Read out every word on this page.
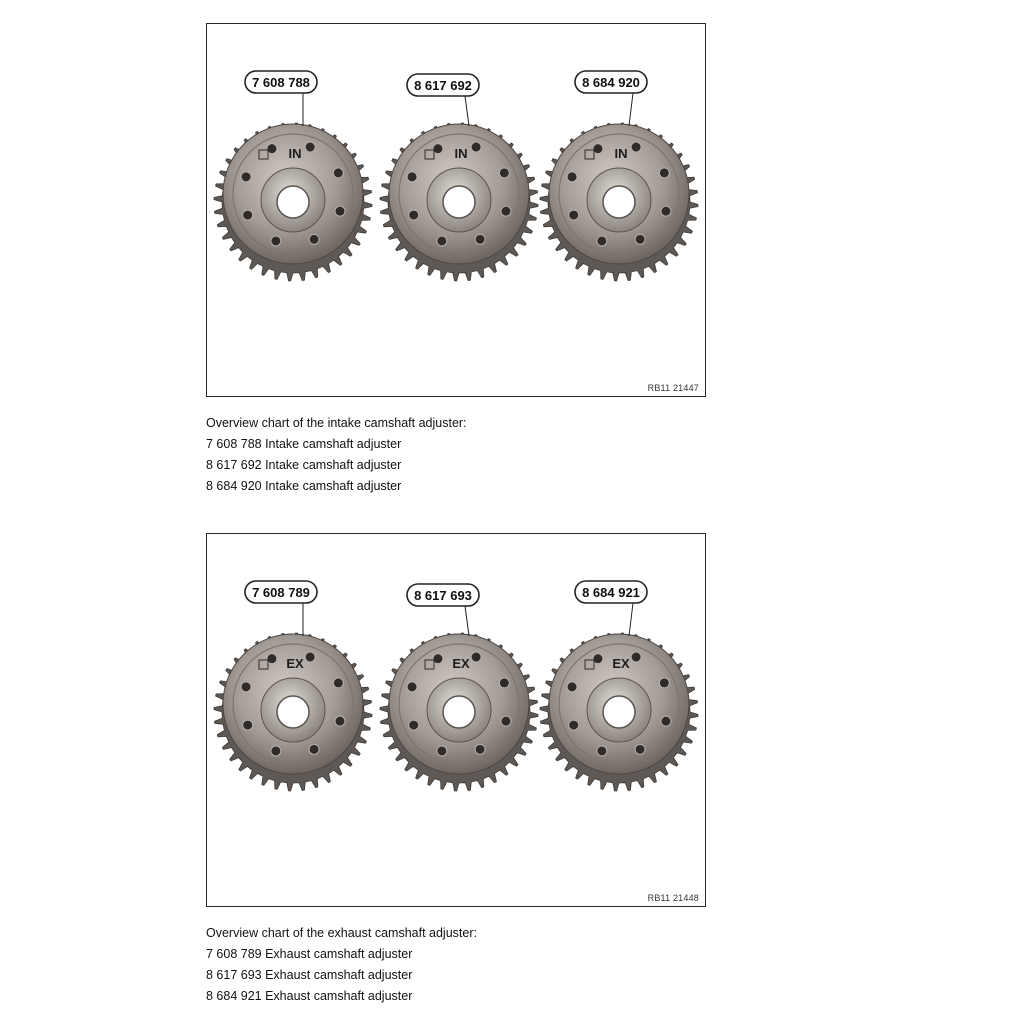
IN
7 608 788
IN
8 617 692
IN
8 684 920
RB11 21447
Overview chart of the intake camshaft adjuster:
7 608 788 Intake camshaft adjuster
8 617 692 Intake camshaft adjuster
8 684 920 Intake camshaft adjuster
EX
7 608 789
EX
8 617 693
EX
8 684 921
RB11 21448
Overview chart of the exhaust camshaft adjuster:
7 608 789 Exhaust camshaft adjuster
8 617 693 Exhaust camshaft adjuster
8 684 921 Exhaust camshaft adjuster
